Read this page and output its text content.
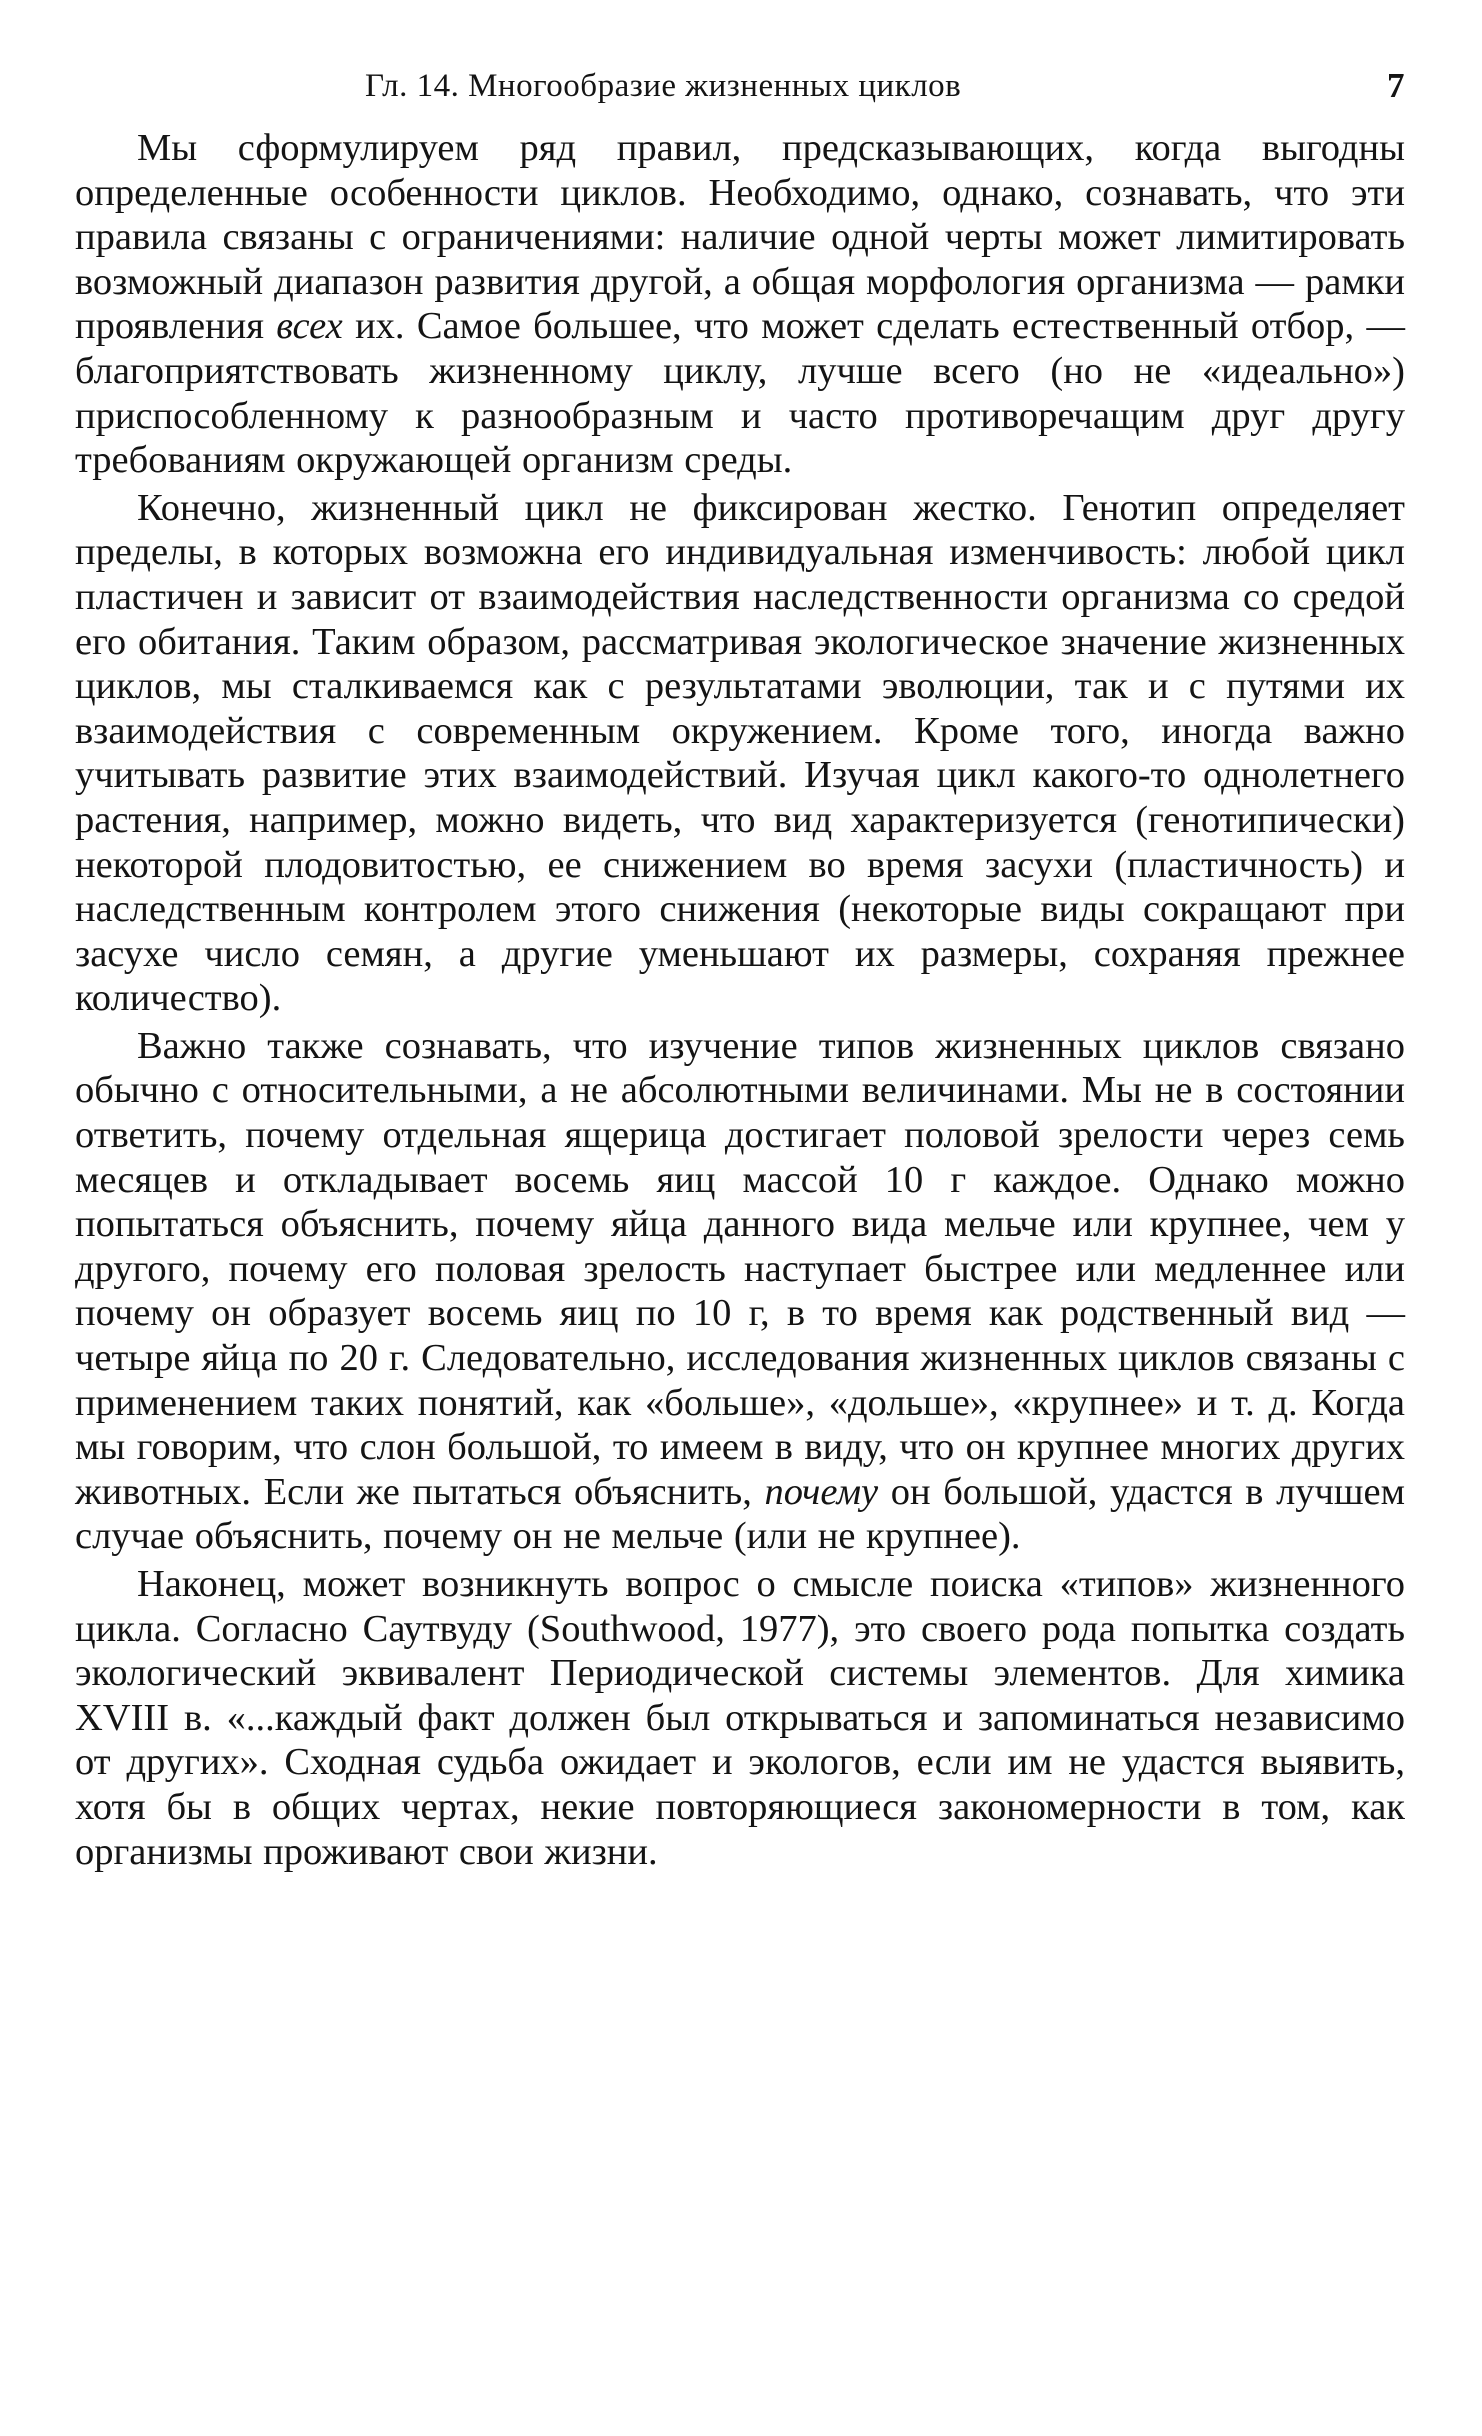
Гл. 14. Многообразие жизненных циклов	7

Мы сформулируем ряд правил, предсказывающих, когда выгодны определенные особенности циклов. Необходимо, однако, сознавать, что эти правила связаны с ограничениями: наличие одной черты может лимитировать возможный диапазон развития другой, а общая морфология организма — рамки проявления всех их. Самое большее, что может сделать естественный отбор, — благоприятствовать жизненному циклу, лучше всего (но не «идеально») приспособленному к разнообразным и часто противоречащим друг другу требованиям окружающей организм среды.

Конечно, жизненный цикл не фиксирован жестко. Генотип определяет пределы, в которых возможна его индивидуальная изменчивость: любой цикл пластичен и зависит от взаимодействия наследственности организма со средой его обитания. Таким образом, рассматривая экологическое значение жизненных циклов, мы сталкиваемся как с результатами эволюции, так и с путями их взаимодействия с современным окружением. Кроме того, иногда важно учитывать развитие этих взаимодействий. Изучая цикл какого-то однолетнего растения, например, можно видеть, что вид характеризуется (генотипически) некоторой плодовитостью, ее снижением во время засухи (пластичность) и наследственным контролем этого снижения (некоторые виды сокращают при засухе число семян, а другие уменьшают их размеры, сохраняя прежнее количество).

Важно также сознавать, что изучение типов жизненных циклов связано обычно с относительными, а не абсолютными величинами. Мы не в состоянии ответить, почему отдельная ящерица достигает половой зрелости через семь месяцев и откладывает восемь яиц массой 10 г каждое. Однако можно попытаться объяснить, почему яйца данного вида мельче или крупнее, чем у другого, почему его половая зрелость наступает быстрее или медленнее или почему он образует восемь яиц по 10 г, в то время как родственный вид — четыре яйца по 20 г. Следовательно, исследования жизненных циклов связаны с применением таких понятий, как «больше», «дольше», «крупнее» и т. д. Когда мы говорим, что слон большой, то имеем в виду, что он крупнее многих других животных. Если же пытаться объяснить, почему он большой, удастся в лучшем случае объяснить, почему он не мельче (или не крупнее).

Наконец, может возникнуть вопрос о смысле поиска «типов» жизненного цикла. Согласно Саутвуду (Southwood, 1977), это своего рода попытка создать экологический эквивалент Периодической системы элементов. Для химика XVIII в. «...каждый факт должен был открываться и запоминаться независимо от других». Сходная судьба ожидает и экологов, если им не удастся выявить, хотя бы в общих чертах, некие повторяющиеся закономерности в том, как организмы проживают свои жизни.
